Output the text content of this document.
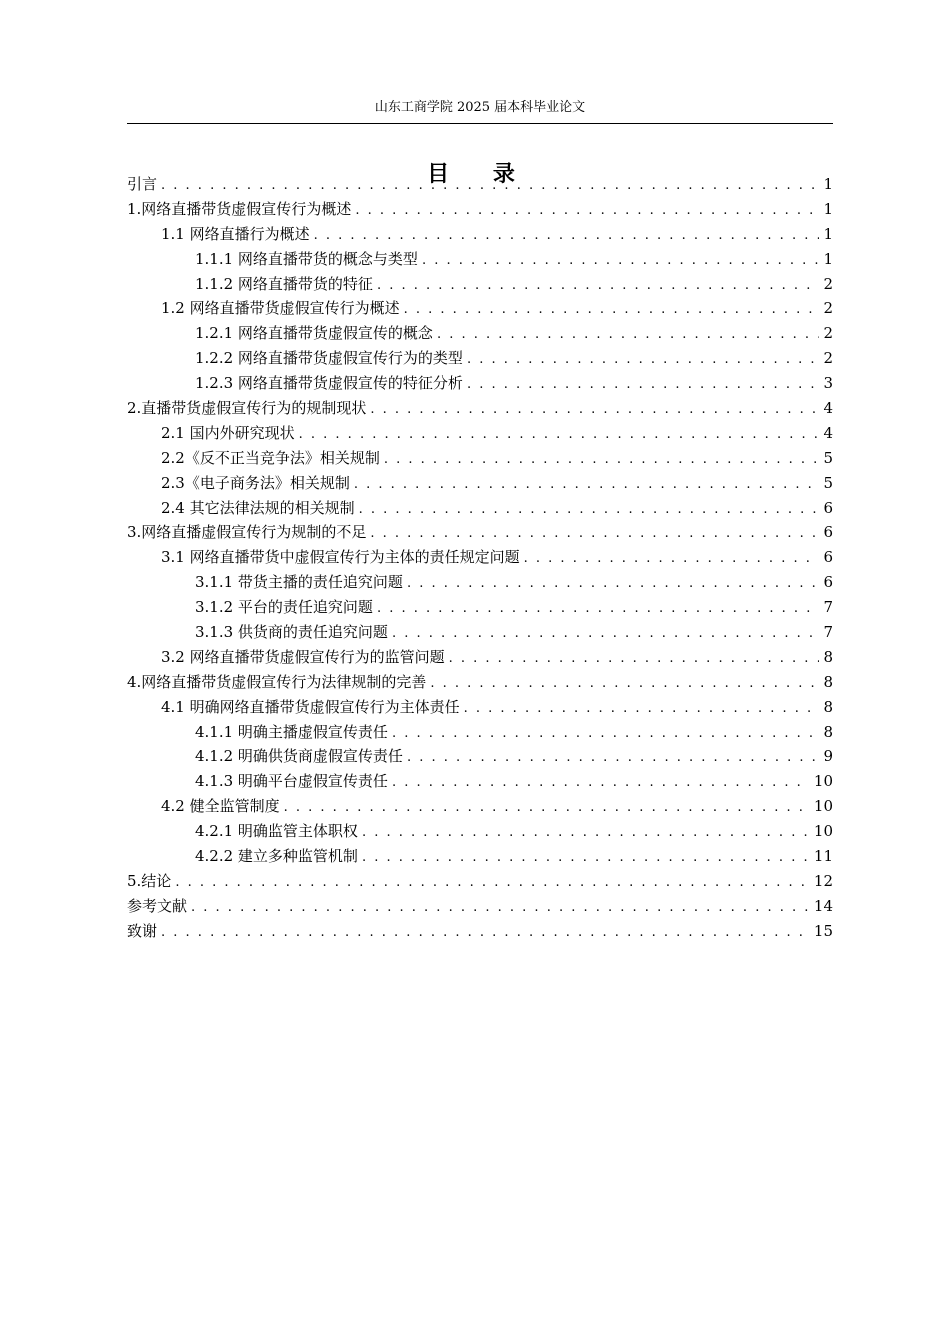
山东工商学院 2025 届本科毕业论文
目 录
引言 . . .	1
1.网络直播带货虚假宣传行为概述 . . .	1
1.1 网络直播行为概述 . . .	1
1.1.1 网络直播带货的概念与类型 . . .	1
1.1.2 网络直播带货的特征 . . .	2
1.2 网络直播带货虚假宣传行为概述 . . .	2
1.2.1 网络直播带货虚假宣传的概念 . . .	2
1.2.2 网络直播带货虚假宣传行为的类型 . . .	2
1.2.3 网络直播带货虚假宣传的特征分析 . . .	3
2.直播带货虚假宣传行为的规制现状 . . .	4
2.1 国内外研究现状 . . .	4
2.2《反不正当竞争法》相关规制 . . .	5
2.3《电子商务法》相关规制 . . .	5
2.4 其它法律法规的相关规制 . . .	6
3.网络直播虚假宣传行为规制的不足 . . .	6
3.1 网络直播带货中虚假宣传行为主体的责任规定问题 . . .	6
3.1.1 带货主播的责任追究问题 . . .	6
3.1.2 平台的责任追究问题 . . .	7
3.1.3 供货商的责任追究问题 . . .	7
3.2 网络直播带货虚假宣传行为的监管问题 . . .	8
4.网络直播带货虚假宣传行为法律规制的完善 . . .	8
4.1 明确网络直播带货虚假宣传行为主体责任 . . .	8
4.1.1 明确主播虚假宣传责任 . . .	8
4.1.2 明确供货商虚假宣传责任 . . .	9
4.1.3 明确平台虚假宣传责任 . . .	10
4.2 健全监管制度 . . .	10
4.2.1 明确监管主体职权 . . .	10
4.2.2 建立多种监管机制 . . .	11
5.结论 . . .	12
参考文献 . . .	14
致谢 . . .	15
